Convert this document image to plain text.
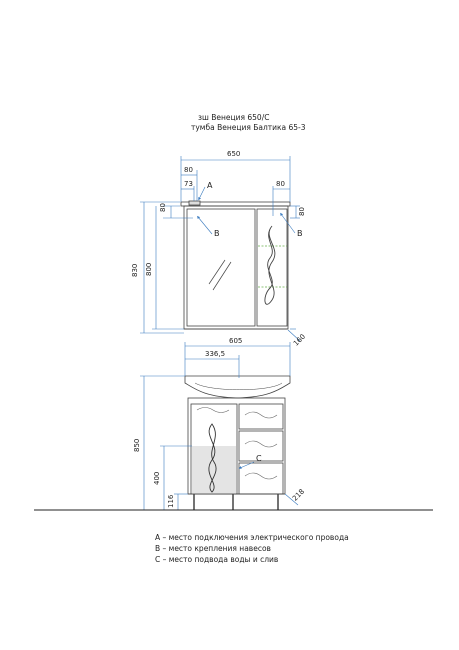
зш Венеция 650/С
тумба Венеция Балтика 65-3
650
80
73	80
A
B	B
80	80
830 800
160
605
336,5
850
400
116	218
C
А – место подключения электрического провода
В – место крепления навесов
С – место подвода воды и слив
